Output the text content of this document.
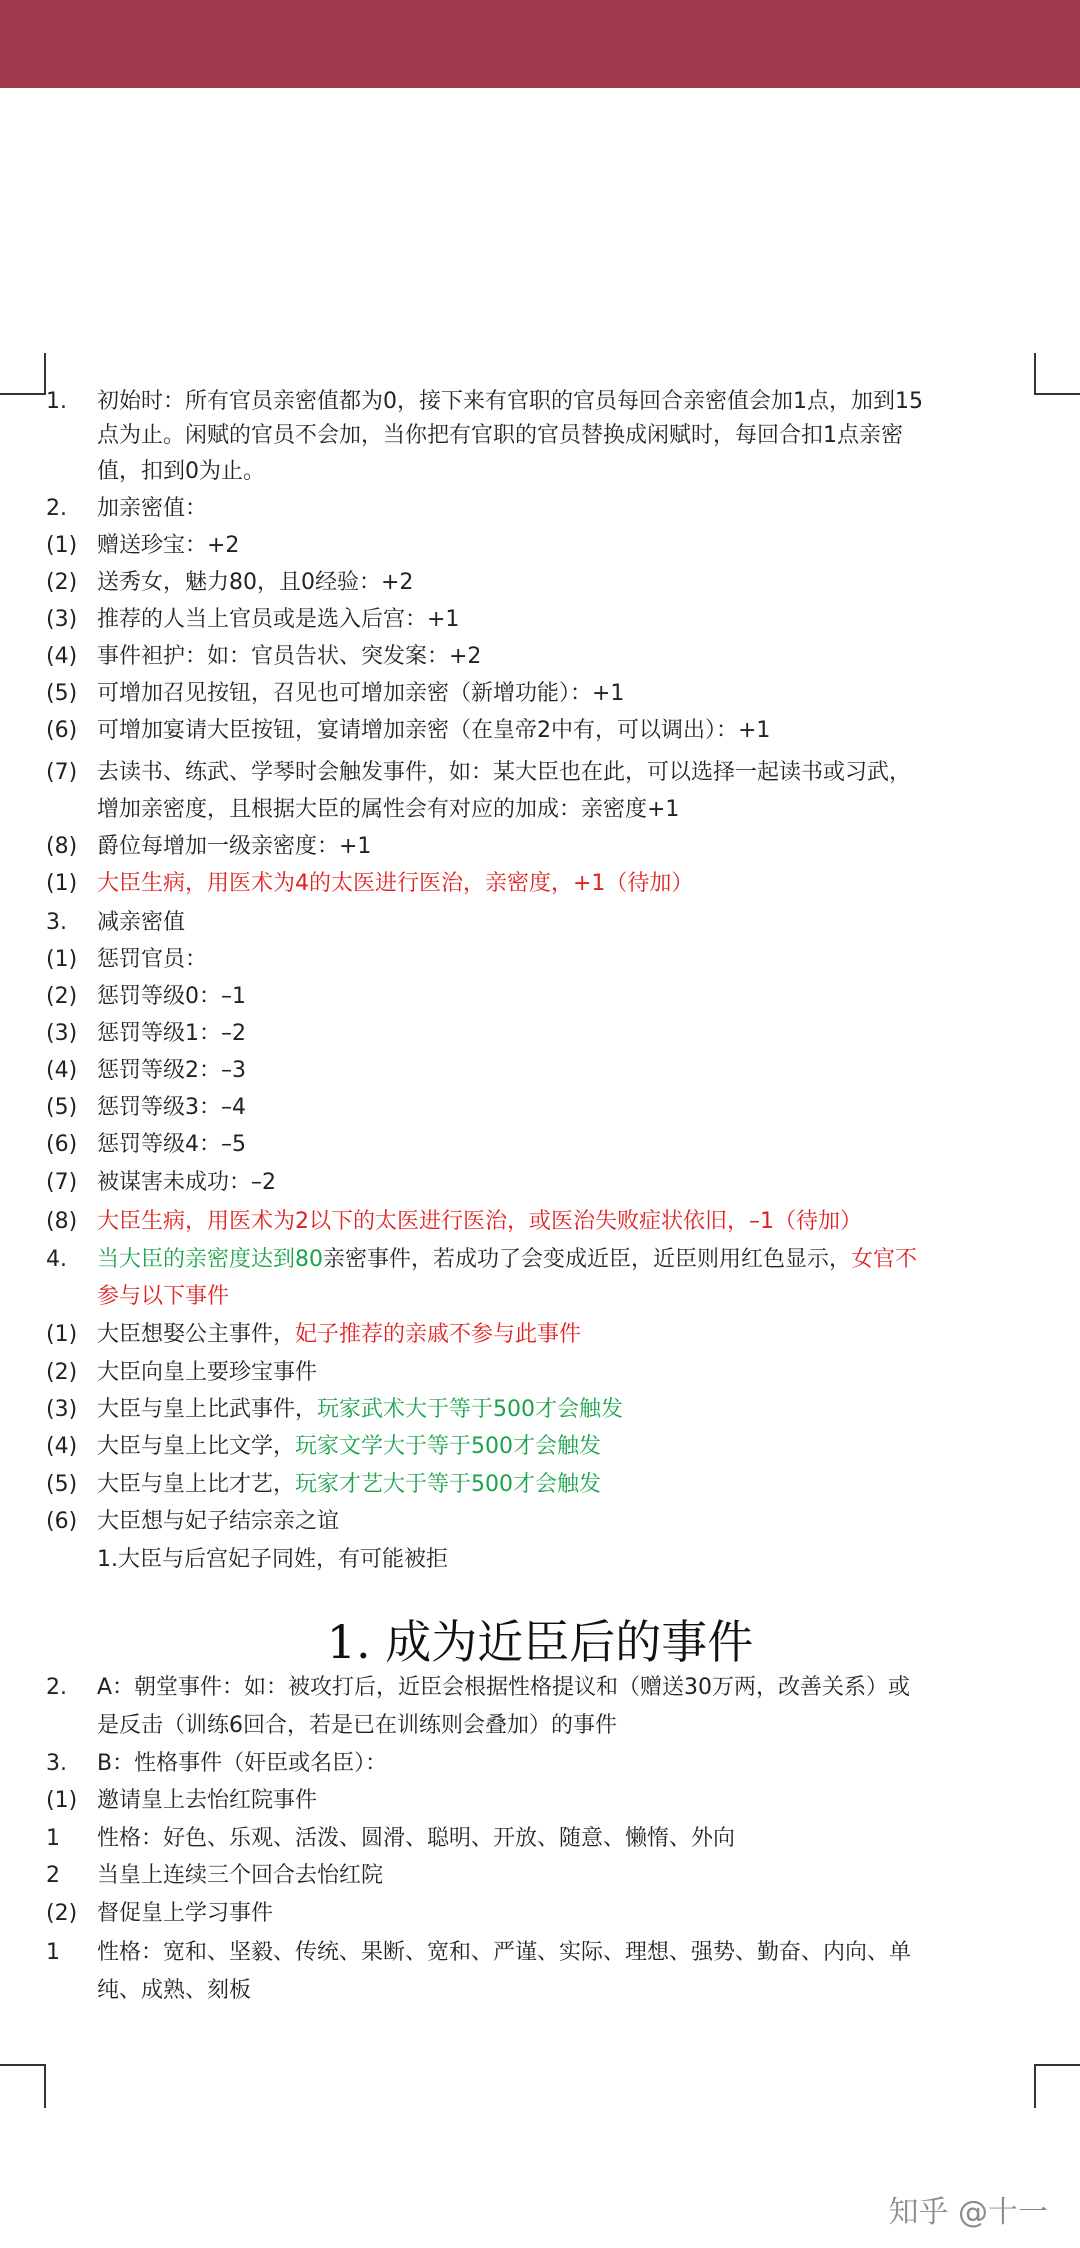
1. 初始时：所有官员亲密值都为0，接下来有官职的官员每回合亲密值会加1点，加到15
点为止。闲赋的官员不会加，当你把有官职的官员替换成闲赋时，每回合扣1点亲密
值，扣到0为止。
2. 加亲密值：
(1) 赠送珍宝：+2
(2) 送秀女，魅力80，且0经验：+2
(3) 推荐的人当上官员或是选入后宫：+1
(4) 事件袒护：如：官员告状、突发案：+2
(5) 可增加召见按钮，召见也可增加亲密（新增功能）：+1
(6) 可增加宴请大臣按钮，宴请增加亲密（在皇帝2中有，可以调出）：+1
(7) 去读书、练武、学琴时会触发事件，如：某大臣也在此，可以选择一起读书或习武，
增加亲密度，且根据大臣的属性会有对应的加成：亲密度+1
(8) 爵位每增加一级亲密度：+1
(1) 大臣生病，用医术为4的太医进行医治，亲密度，+1（待加）
3. 减亲密值
(1) 惩罚官员：
(2) 惩罚等级0：–1
(3) 惩罚等级1：–2
(4) 惩罚等级2：–3
(5) 惩罚等级3：–4
(6) 惩罚等级4：–5
(7) 被谋害未成功：–2
(8) 大臣生病，用医术为2以下的太医进行医治，或医治失败症状依旧，–1（待加）
4. 当大臣的亲密度达到80亲密事件，若成功了会变成近臣，近臣则用红色显示，女官不
参与以下事件
(1) 大臣想娶公主事件，妃子推荐的亲戚不参与此事件
(2) 大臣向皇上要珍宝事件
(3) 大臣与皇上比武事件，玩家武术大于等于500才会触发
(4) 大臣与皇上比文学，玩家文学大于等于500才会触发
(5) 大臣与皇上比才艺，玩家才艺大于等于500才会触发
(6) 大臣想与妃子结宗亲之谊
1.大臣与后宫妃子同姓，有可能被拒
2. A：朝堂事件：如：被攻打后，近臣会根据性格提议和（赠送30万两，改善关系）或
是反击（训练6回合，若是已在训练则会叠加）的事件
3. B：性格事件（奸臣或名臣）：
(1) 邀请皇上去怡红院事件
1 性格：好色、乐观、活泼、圆滑、聪明、开放、随意、懒惰、外向
2 当皇上连续三个回合去怡红院
(2) 督促皇上学习事件
1 性格：宽和、坚毅、传统、果断、宽和、严谨、实际、理想、强势、勤奋、内向、单
纯、成熟、刻板
1. 成为近臣后的事件
知乎 @十一
